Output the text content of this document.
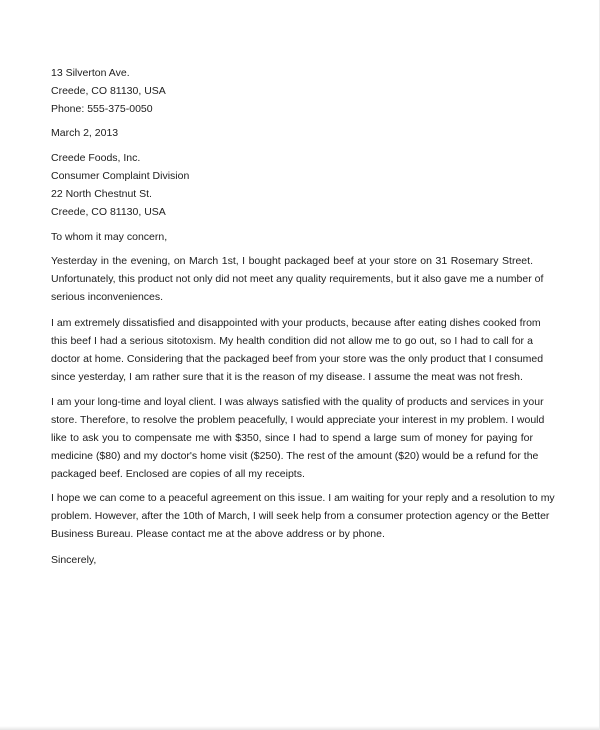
13 Silverton Ave.
Creede, CO 81130, USA
Phone: 555-375-0050
March 2, 2013
Creede Foods, Inc.
Consumer Complaint Division
22 North Chestnut St.
Creede, CO 81130, USA
To whom it may concern,
Yesterday in the evening, on March 1st, I bought packaged beef at your store on 31 Rosemary Street.
Unfortunately, this product not only did not meet any quality requirements, but it also gave me a number of
serious inconveniences.
I am extremely dissatisfied and disappointed with your products, because after eating dishes cooked from
this beef I had a serious sitotoxism. My health condition did not allow me to go out, so I had to call for a
doctor at home. Considering that the packaged beef from your store was the only product that I consumed
since yesterday, I am rather sure that it is the reason of my disease. I assume the meat was not fresh.
I am your long-time and loyal client. I was always satisfied with the quality of products and services in your
store. Therefore, to resolve the problem peacefully, I would appreciate your interest in my problem. I would
like to ask you to compensate me with $350, since I had to spend a large sum of money for paying for
medicine ($80) and my doctor's home visit ($250). The rest of the amount ($20) would be a refund for the
packaged beef. Enclosed are copies of all my receipts.
I hope we can come to a peaceful agreement on this issue. I am waiting for your reply and a resolution to my
problem. However, after the 10th of March, I will seek help from a consumer protection agency or the Better
Business Bureau. Please contact me at the above address or by phone.
Sincerely,
